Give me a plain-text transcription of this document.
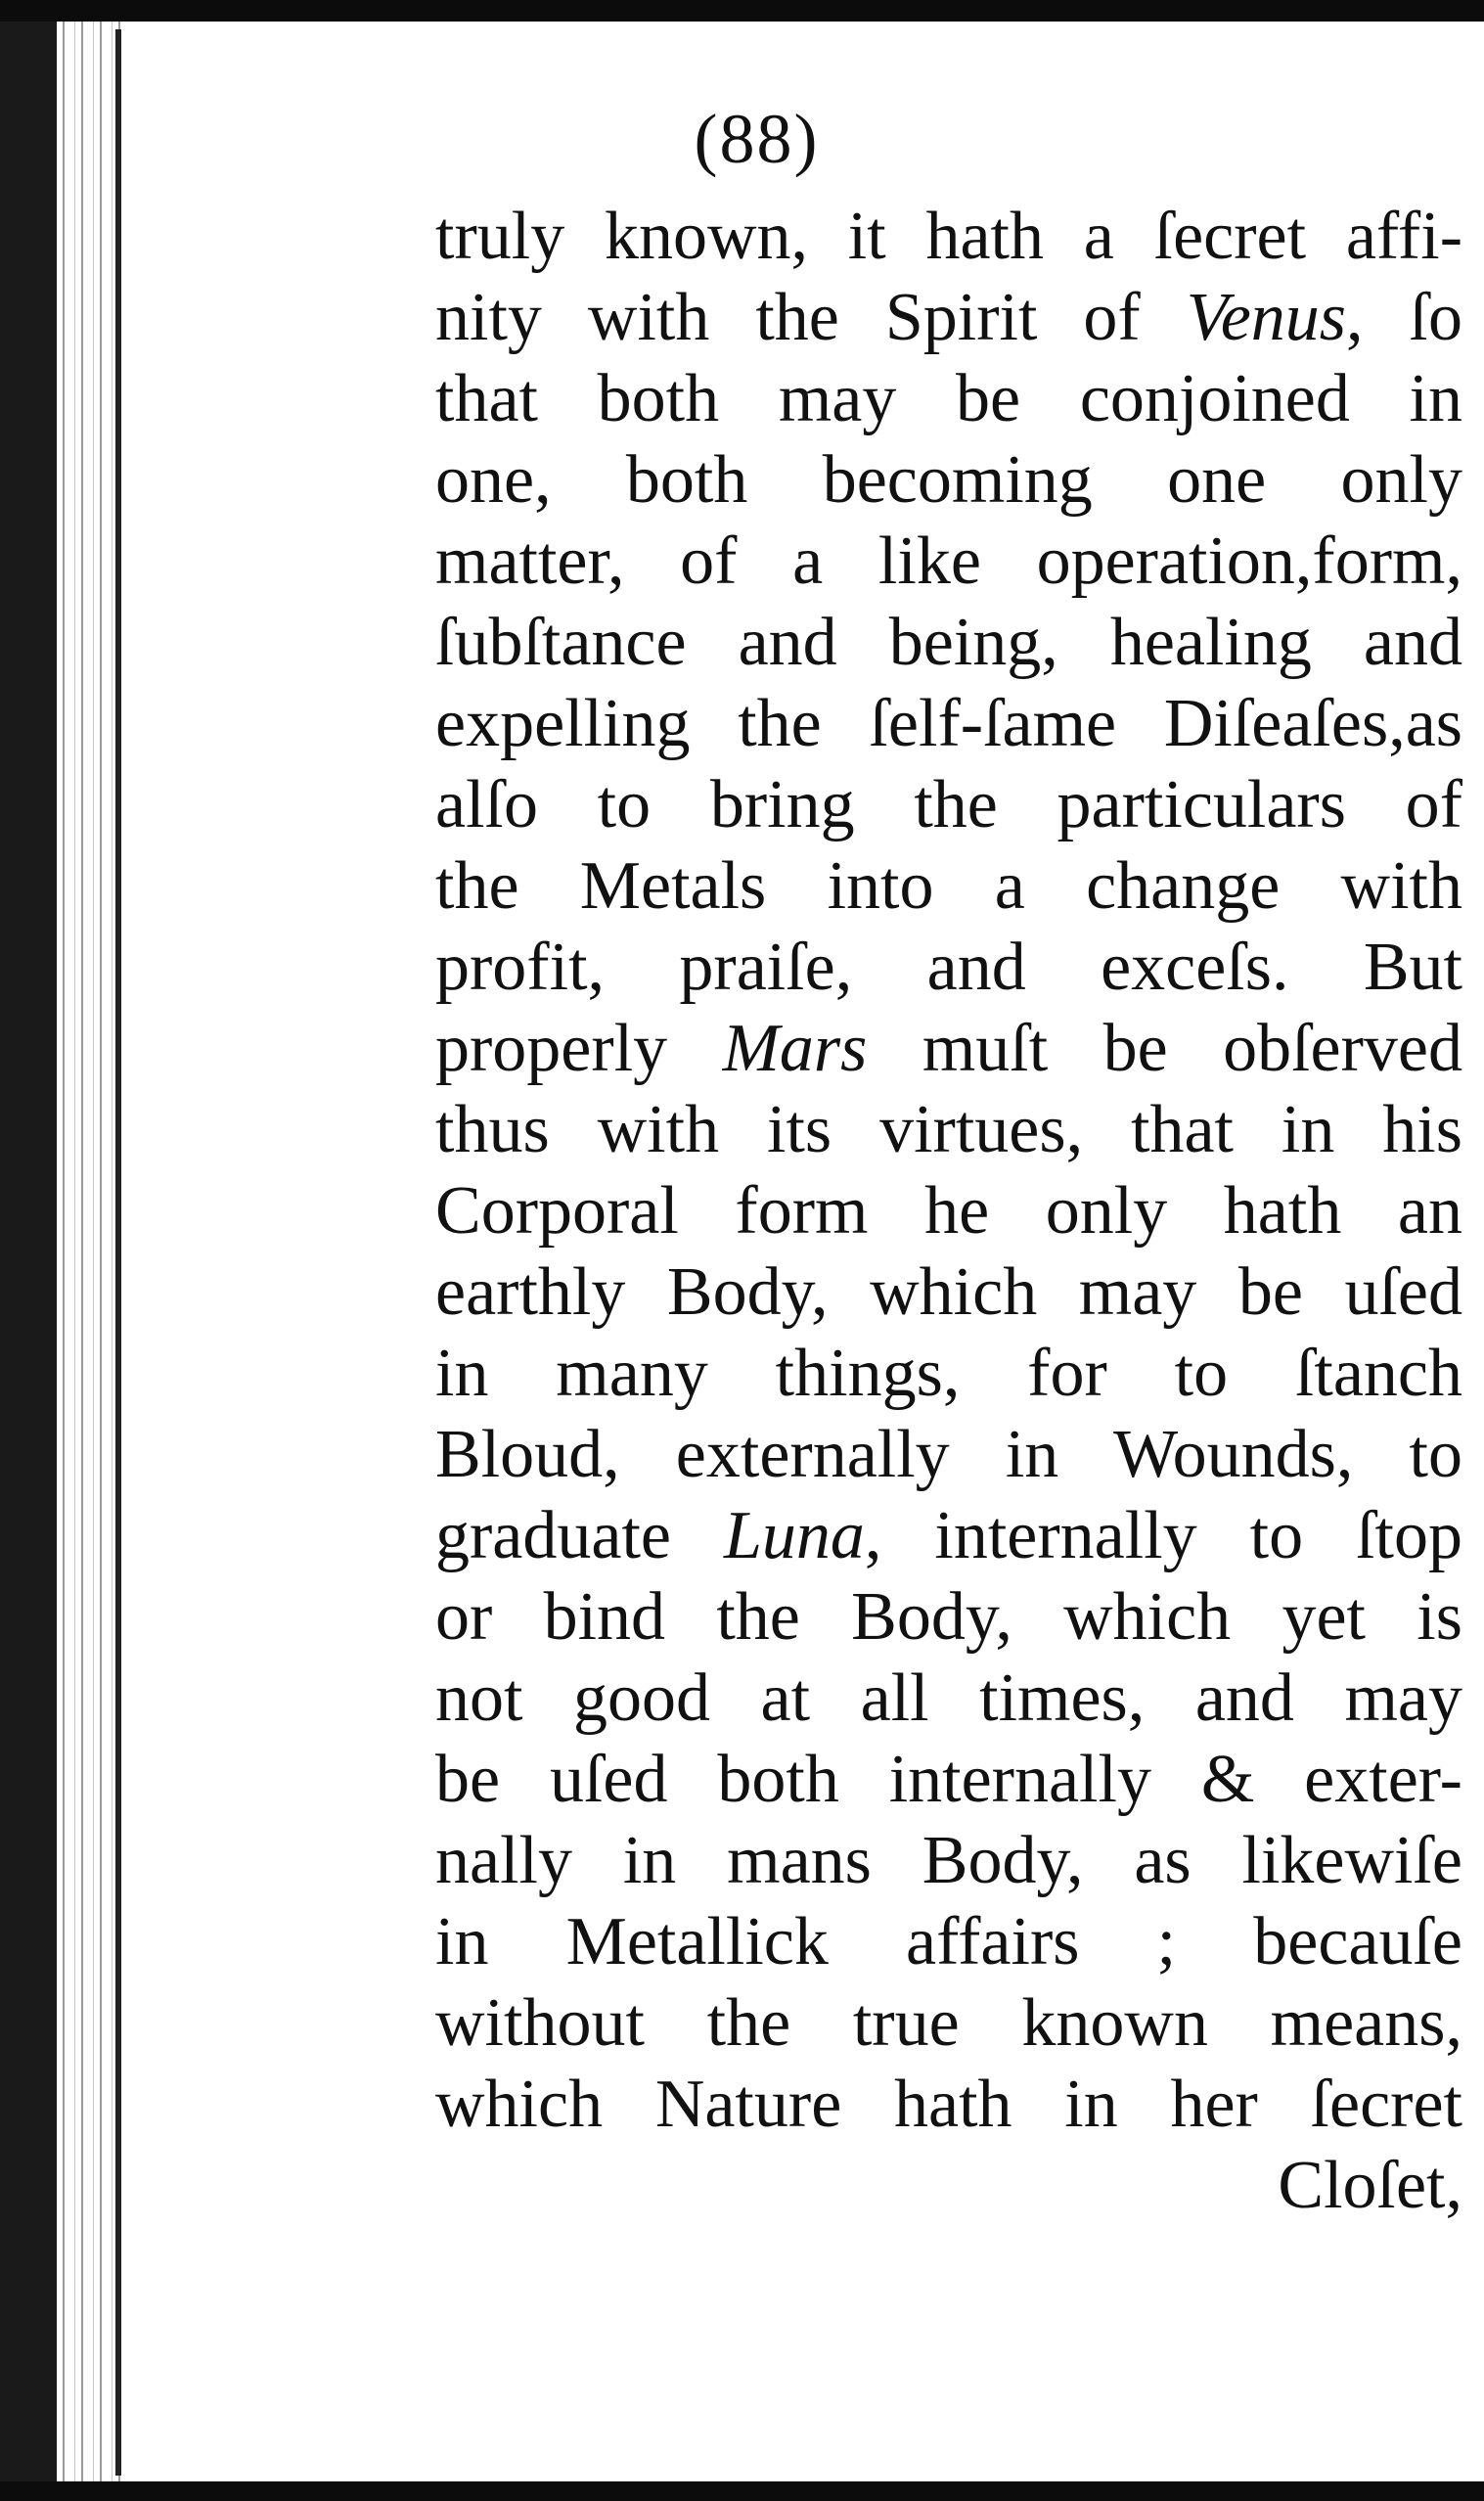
(88)
truly known, it hath a ſecret affi-
nity with the Spirit of Venus, ſo
that both may be conjoined in
one, both becoming one only
matter, of a like operation,form,
ſubſtance and being, healing and
expelling the ſelf-ſame Diſeaſes,as
alſo to bring the particulars of
the Metals into a change with
profit, praiſe, and exceſs. But
properly Mars muſt be obſerved
thus with its virtues, that in his
Corporal form he only hath an
earthly Body, which may be uſed
in many things, for to ſtanch
Bloud, externally in Wounds, to
graduate Luna, internally to ſtop
or bind the Body, which yet is
not good at all times, and may
be uſed both internally & exter-
nally in mans Body, as likewiſe
in Metallick affairs ; becauſe
without the true known means,
which Nature hath in her ſecret
Cloſet,
